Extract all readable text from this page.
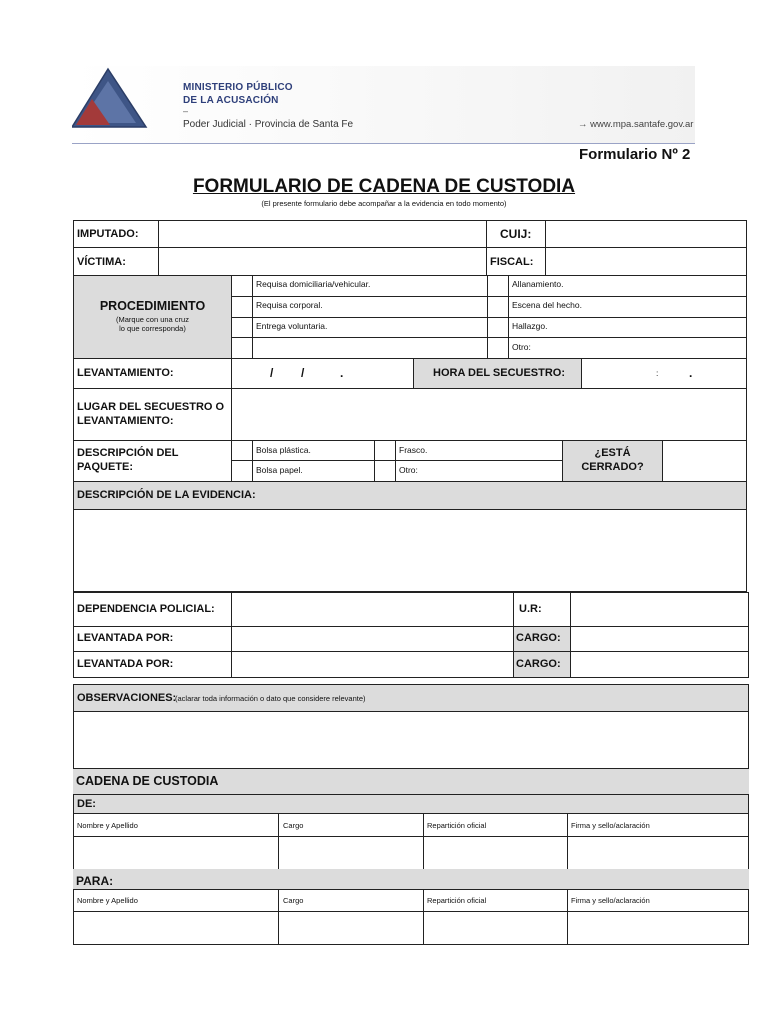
MINISTERIO PÚBLICO
DE LA ACUSACIÓN
–
Poder Judicial · Provincia de Santa Fe	→ www.mpa.santafe.gov.ar
Formulario Nº 2
FORMULARIO DE CADENA DE CUSTODIA
(El presente formulario debe acompañar a la evidencia en todo momento)
IMPUTADO:	CUIJ:
VÍCTIMA:	FISCAL:
PROCEDIMIENTO
(Marque con una cruz
lo que corresponda)
Requisa domiciliaria/vehicular.	Allanamiento.
Requisa corporal.	Escena del hecho.
Entrega voluntaria.	Hallazgo.
Otro:
LEVANTAMIENTO:	/ /	.	HORA DEL SECUESTRO:	:	.
LUGAR DEL SECUESTRO O
LEVANTAMIENTO:
DESCRIPCIÓN DEL
PAQUETE:
Bolsa plástica.	Frasco.
Bolsa papel.	Otro:
¿ESTÁ
CERRADO?
DESCRIPCIÓN DE LA EVIDENCIA:
DEPENDENCIA POLICIAL:	U.R:
LEVANTADA POR:	CARGO:
LEVANTADA POR:	CARGO:
OBSERVACIONES:
(aclarar toda información o dato que considere relevante)
CADENA DE CUSTODIA
DE:
Nombre y Apellido	Cargo	Repartición oficial	Firma y sello/aclaración
PARA:
Nombre y Apellido	Cargo	Repartición oficial	Firma y sello/aclaración
